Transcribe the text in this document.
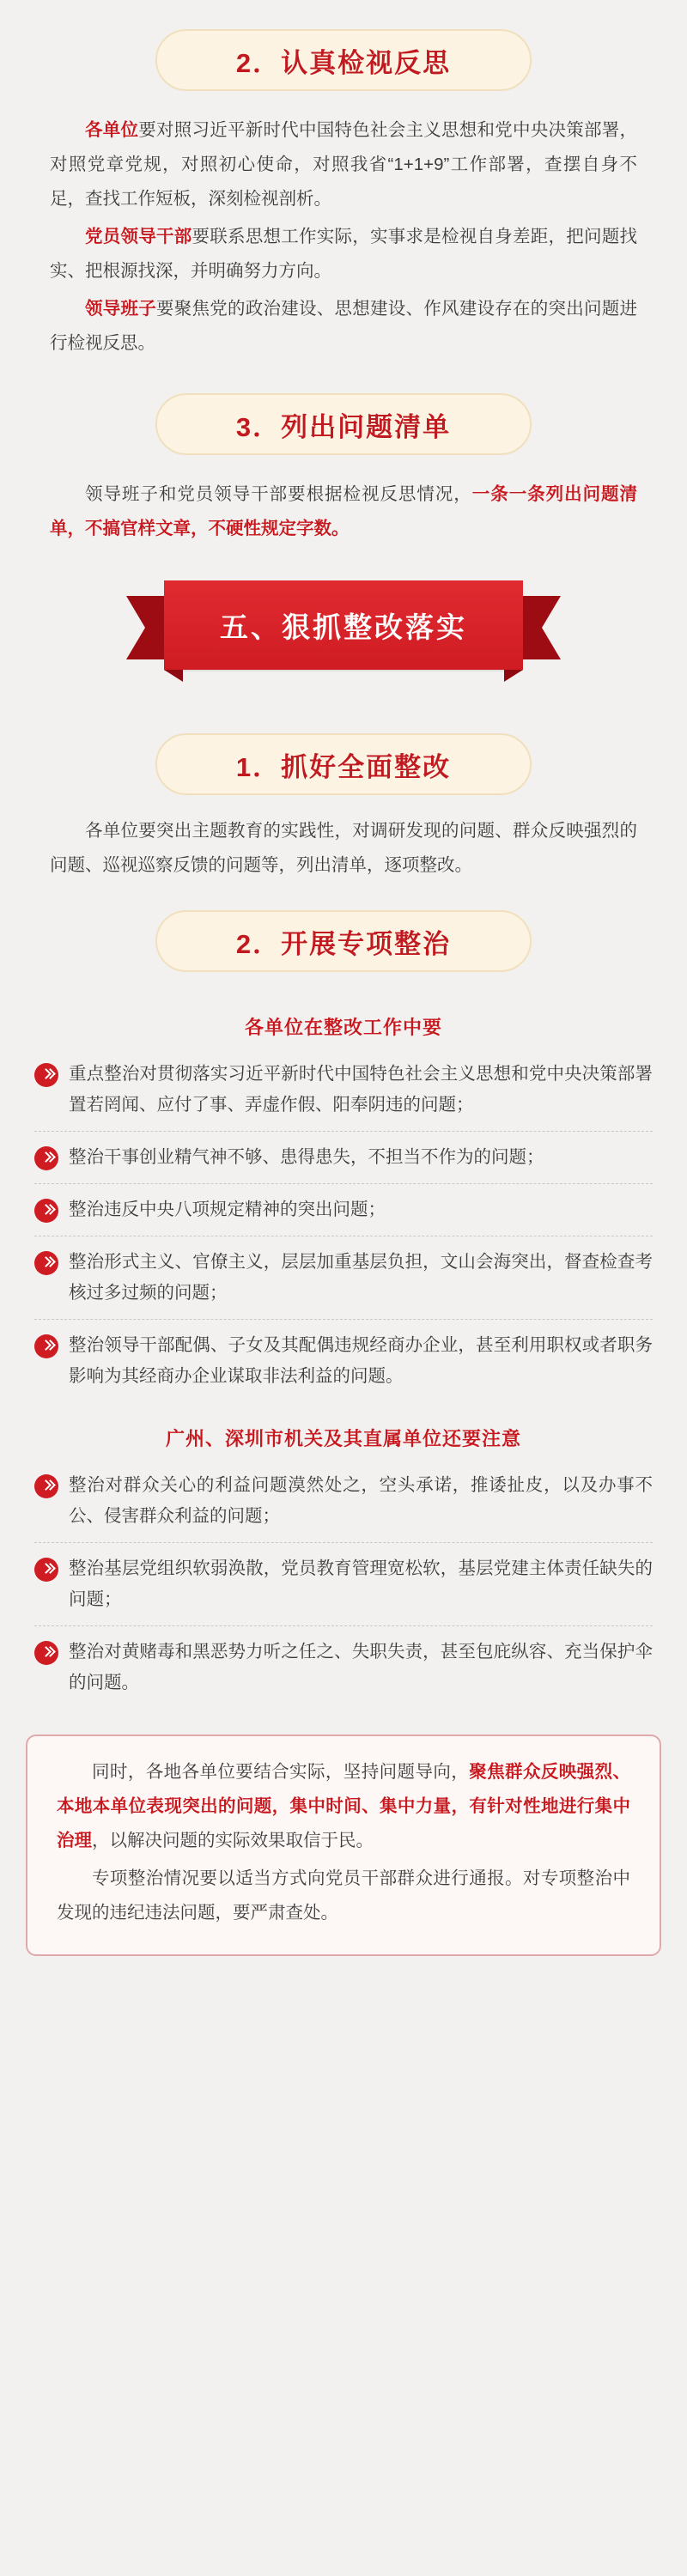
2．认真检视反思

各单位要对照习近平新时代中国特色社会主义思想和党中央决策部署，对照党章党规，对照初心使命，对照我省“1+1+9”工作部署，查摆自身不足，查找工作短板，深刻检视剖析。

党员领导干部要联系思想工作实际，实事求是检视自身差距，把问题找实、把根源找深，并明确努力方向。

领导班子要聚焦党的政治建设、思想建设、作风建设存在的突出问题进行检视反思。

3．列出问题清单

领导班子和党员领导干部要根据检视反思情况，一条一条列出问题清单，不搞官样文章，不硬性规定字数。

五、狠抓整改落实
1．抓好全面整改

各单位要突出主题教育的实践性，对调研发现的问题、群众反映强烈的问题、巡视巡察反馈的问题等，列出清单，逐项整改。

2．开展专项整治
各单位在整改工作中要
重点整治对贯彻落实习近平新时代中国特色社会主义思想和党中央决策部署置若罔闻、应付了事、弄虚作假、阳奉阴违的问题；
整治干事创业精气神不够、患得患失，不担当不作为的问题；
整治违反中央八项规定精神的突出问题；
整治形式主义、官僚主义，层层加重基层负担，文山会海突出，督查检查考核过多过频的问题；
整治领导干部配偶、子女及其配偶违规经商办企业，甚至利用职权或者职务影响为其经商办企业谋取非法利益的问题。
广州、深圳市机关及其直属单位还要注意
整治对群众关心的利益问题漠然处之，空头承诺，推诿扯皮，以及办事不公、侵害群众利益的问题；
整治基层党组织软弱涣散，党员教育管理宽松软，基层党建主体责任缺失的问题；
整治对黄赌毒和黑恶势力听之任之、失职失责，甚至包庇纵容、充当保护伞的问题。

同时，各地各单位要结合实际，坚持问题导向，聚焦群众反映强烈、本地本单位表现突出的问题，集中时间、集中力量，有针对性地进行集中治理，以解决问题的实际效果取信于民。

专项整治情况要以适当方式向党员干部群众进行通报。对专项整治中发现的违纪违法问题，要严肃查处。
